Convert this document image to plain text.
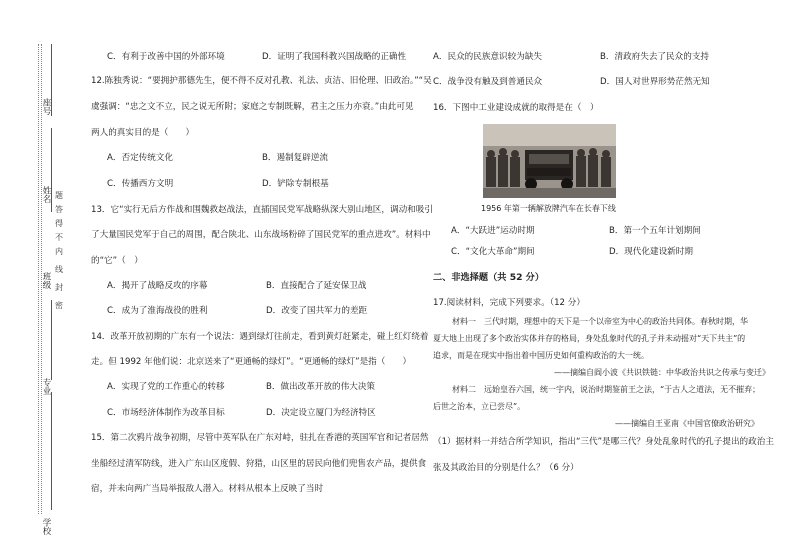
学校
专业
班级
姓名
座号
密
封
线
内
不
得
答
题
C．有利于改善中国的外部环境	D．证明了我国科教兴国战略的正确性
12.陈独秀说：“要拥护那德先生，便不得不反对孔教、礼法、贞洁、旧伦理、旧政治。”“吴
虞强调：“忠之文不立，民之说无所附；家庭之专制既解，君主之压力亦衰。”由此可见
两人的真实目的是（　　）
A．否定传统文化	B．遏制复辟逆流
C．传播西方文明	D．铲除专制根基
13．它“实行无后方作战和围魏救赵战法，直插国民党军战略纵深大别山地区，调动和吸引
了大量国民党军于自己的周围，配合陕北、山东战场粉碎了国民党军的重点进攻”。材料中
的“它”（　）
A．揭开了战略反攻的序幕	B．直接配合了延安保卫战
C．成为了淮海战役的胜利	D．改变了国共军力的差距
14．改革开放初期的广东有一个说法：遇到绿灯往前走，看到黄灯赶紧走，碰上红灯绕着
走。但 1992 年他们说：北京送来了“更通畅的绿灯”。“更通畅的绿灯”是指（　　）
A．实现了党的工作重心的转移	B．做出改革开放的伟大决策
C．市场经济体制作为改革目标	D．决定设立厦门为经济特区
15．第二次鸦片战争初期，尽管中英军队在广东对峙，驻扎在香港的英国军官和记者居然
坐船经过清军防线，进入广东山区度假、狩猎，山区里的居民向他们兜售农产品，提供食
宿，并未向两广当局举报敌人潜入。材料从根本上反映了当时
A．民众的民族意识较为缺失	B．清政府失去了民众的支持
C．战争没有触及到普通民众	D．国人对世界形势茫然无知
16．下图中工业建设成就的取得是在（　）
1956 年第一辆解放牌汽车在长春下线
A．“大跃进”运动时期	B．第一个五年计划期间
C．“文化大革命”期间	D．现代化建设新时期
二、非选择题（共 52 分）
17.阅读材料，完成下列要求。（12 分）
材料一　三代时期，理想中的天下是一个以帝室为中心的政治共同体。春秋时期，华
夏大地上出现了多个政治实体并存的格局，身处乱象时代的孔子并未动摇对“天下共主”的
追求，而是在现实中指出着中国历史如何重构政治的大一统。
——摘编自阎小波《共识铁链：中华政治共识之传承与变迁》
材料二　远始皇吞六国，统一宇内，说治时期鉴前王之法，“于古人之道法，无不摧弃；
后世之治本，立已尝尽”。
——摘编自王亚南《中国官僚政治研究》
（1）据材料一并结合所学知识，指出“三代”是哪三代？身处乱象时代的孔子提出的政治主
张及其政治目的分别是什么？（6 分）
